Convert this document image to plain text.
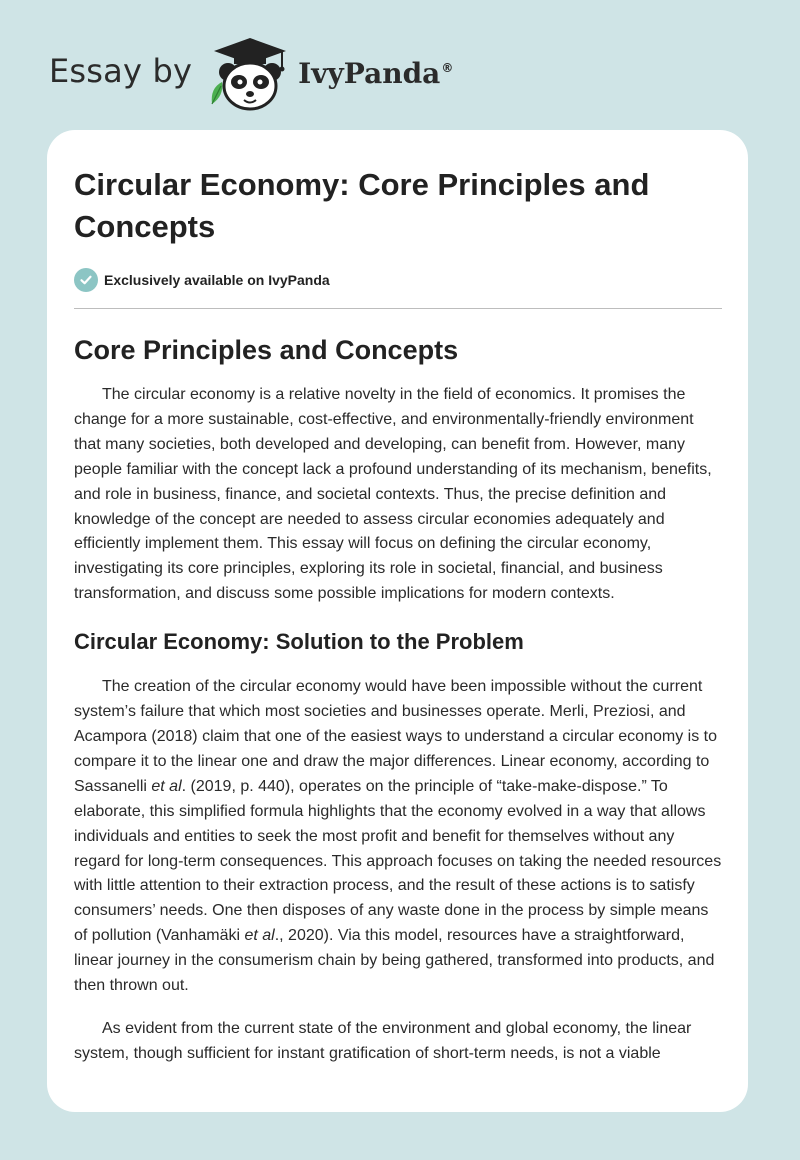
Essay by	IvyPanda®
Circular Economy: Core Principles and Concepts
Exclusively available on IvyPanda
Core Principles and Concepts

The circular economy is a relative novelty in the field of economics. It promises the change for a more sustainable, cost-effective, and environmentally-friendly environment that many societies, both developed and developing, can benefit from. However, many people familiar with the concept lack a profound understanding of its mechanism, benefits, and role in business, finance, and societal contexts. Thus, the precise definition and knowledge of the concept are needed to assess circular economies adequately and efficiently implement them. This essay will focus on defining the circular economy, investigating its core principles, exploring its role in societal, financial, and business transformation, and discuss some possible implications for modern contexts.

Circular Economy: Solution to the Problem

The creation of the circular economy would have been impossible without the current system’s failure that which most societies and businesses operate. Merli, Preziosi, and Acampora (2018) claim that one of the easiest ways to understand a circular economy is to compare it to the linear one and draw the major differences. Linear economy, according to Sassanelli et al. (2019, p. 440), operates on the principle of “take-make-dispose.” To elaborate, this simplified formula highlights that the economy evolved in a way that allows individuals and entities to seek the most profit and benefit for themselves without any regard for long-term consequences. This approach focuses on taking the needed resources with little attention to their extraction process, and the result of these actions is to satisfy consumers’ needs. One then disposes of any waste done in the process by simple means of pollution (Vanhamäki et al., 2020). Via this model, resources have a straightforward, linear journey in the consumerism chain by being gathered, transformed into products, and then thrown out.

As evident from the current state of the environment and global economy, the linear system, though sufficient for instant gratification of short-term needs, is not a viable
